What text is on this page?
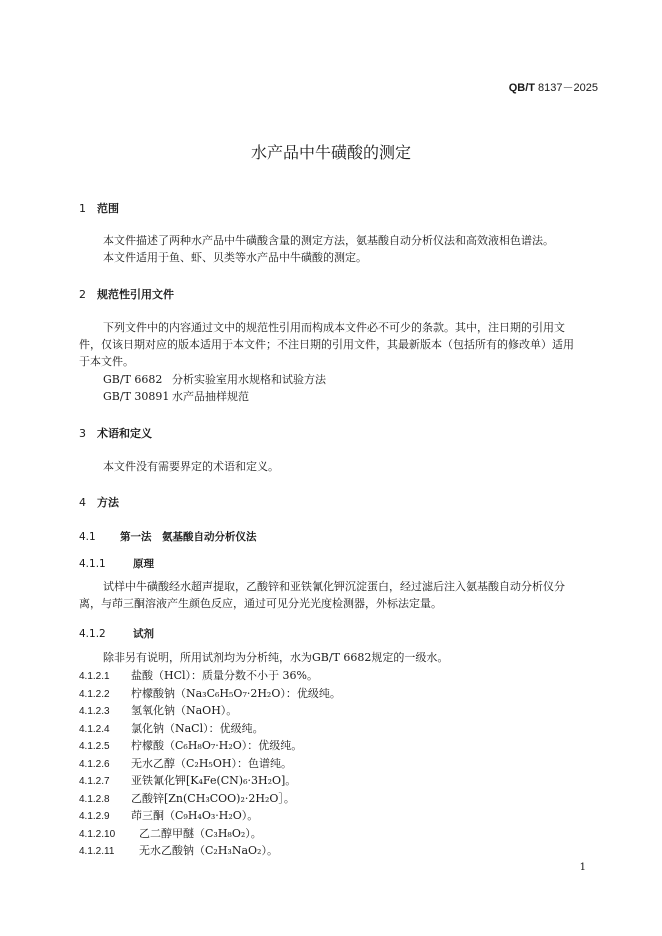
QB/T 8137－2025
水产品中牛磺酸的测定
1 范围
本文件描述了两种水产品中牛磺酸含量的测定方法，氨基酸自动分析仪法和高效液相色谱法。
本文件适用于鱼、虾、贝类等水产品中牛磺酸的测定。
2 规范性引用文件
下列文件中的内容通过文中的规范性引用而构成本文件必不可少的条款。其中，注日期的引用文
件，仅该日期对应的版本适用于本文件；不注日期的引用文件，其最新版本（包括所有的修改单）适用
于本文件。
GB/T 6682 分析实验室用水规格和试验方法
GB/T 30891 水产品抽样规范
3 术语和定义
本文件没有需要界定的术语和定义。
4 方法
4.1 第一法　氨基酸自动分析仪法
4.1.1	原理
试样中牛磺酸经水超声提取，乙酸锌和亚铁氰化钾沉淀蛋白，经过滤后注入氨基酸自动分析仪分
离，与茚三酮溶液产生颜色反应，通过可见分光光度检测器，外标法定量。
4.1.2	试剂
除非另有说明，所用试剂均为分析纯，水为GB/T 6682规定的一级水。
4.1.2.1 盐酸（HCl）：质量分数不小于 36%。
4.1.2.2 柠檬酸钠（Na₃C₆H₅O₇·2H₂O）：优级纯。
4.1.2.3 氢氧化钠（NaOH）。
4.1.2.4 氯化钠（NaCl）：优级纯。
4.1.2.5 柠檬酸（C₆H₈O₇·H₂O）：优级纯。
4.1.2.6 无水乙醇（C₂H₅OH）：色谱纯。
4.1.2.7 亚铁氰化钾[K₄Fe(CN)₆·3H₂O]。
4.1.2.8 乙酸锌[Zn(CH₃COO)₂·2H₂O］。
4.1.2.9 茚三酮（C₉H₄O₃·H₂O）。
4.1.2.10 乙二醇甲醚（C₃H₈O₂）。
4.1.2.11 无水乙酸钠（C₂H₃NaO₂）。
1
